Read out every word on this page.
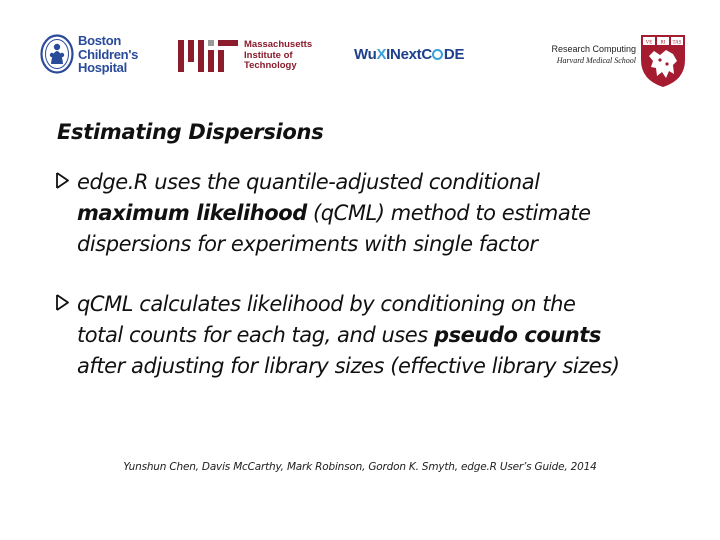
Boston
Children's
Hospital
Massachusetts
Institute of
Technology
WuXINextC DE	Research Computing
Harvard Medical School
VE RI TAS
Estimating Dispersions
edge.R uses the quantile-adjusted conditional
maximum likelihood (qCML) method to estimate
dispersions for experiments with single factor
qCML calculates likelihood by conditioning on the
total counts for each tag, and uses pseudo counts
after adjusting for library sizes (effective library sizes)
Yunshun Chen, Davis McCarthy, Mark Robinson, Gordon K. Smyth, edge.R User’s Guide, 2014
